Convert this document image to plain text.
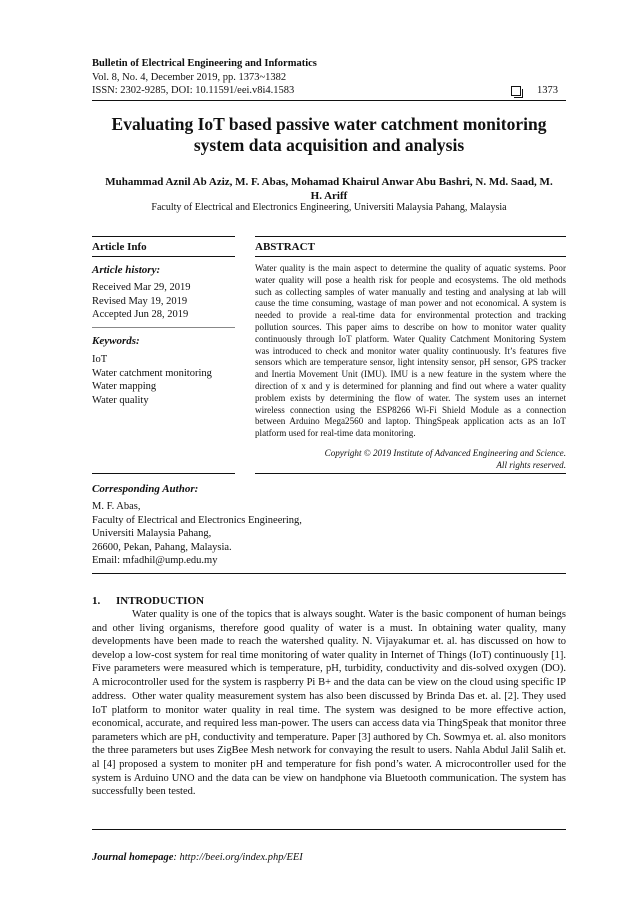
Bulletin of Electrical Engineering and Informatics
Vol. 8, No. 4, December 2019, pp. 1373~1382
ISSN: 2302-9285, DOI: 10.11591/eei.v8i4.1583	1373
Evaluating IoT based passive water catchment monitoring system data acquisition and analysis
Muhammad Aznil Ab Aziz, M. F. Abas, Mohamad Khairul Anwar Abu Bashri, N. Md. Saad, M. H. Ariff
Faculty of Electrical and Electronics Engineering, Universiti Malaysia Pahang, Malaysia
Article Info	ABSTRACT
Article history:
Received Mar 29, 2019
Revised May 19, 2019
Accepted Jun 28, 2019
Keywords:
IoT
Water catchment monitoring
Water mapping
Water quality
Water quality is the main aspect to determine the quality of aquatic systems. Poor water quality will pose a health risk for people and ecosystems. The old methods such as collecting samples of water manually and testing and analysing at lab will cause the time consuming, wastage of man power and not economical. A system is needed to provide a real-time data for environmental protection and tracking pollution sources. This paper aims to describe on how to monitor water quality continuously through IoT platform. Water Quality Catchment Monitoring System was introduced to check and monitor water quality continuously. It’s features five sensors which are temperature sensor, light intensity sensor, pH sensor, GPS tracker and Inertia Movement Unit (IMU). IMU is a new feature in the system where the direction of x and y is determined for planning and find out where a water quality problem exists by determining the flow of water. The system uses an internet wireless connection using the ESP8266 Wi-Fi Shield Module as a connection between Arduino Mega2560 and laptop. ThingSpeak application acts as an IoT platform used for real-time data monitoring.
Copyright © 2019 Institute of Advanced Engineering and Science.
All rights reserved.
Corresponding Author:
M. F. Abas,
Faculty of Electrical and Electronics Engineering,
Universiti Malaysia Pahang,
26600, Pekan, Pahang, Malaysia.
Email: mfadhil@ump.edu.my
1. INTRODUCTION
Water quality is one of the topics that is always sought. Water is the basic component of human beings and other living organisms, therefore good quality of water is a must. In obtaining water quality, many developments have been made to reach the watershed quality. N. Vijayakumar et. al. has discussed on how to develop a low-cost system for real time monitoring of water quality in Internet of Things (IoT) continuously [1]. Five parameters were measured which is temperature, pH, turbidity, conductivity and dis-solved oxygen (DO). A microcontroller used for the system is raspberry Pi B+ and the data can be view on the cloud using specific IP address. Other water quality measurement system has also been discussed by Brinda Das et. al. [2]. They used IoT platform to monitor water quality in real time. The system was designed to be more effective action, economical, accurate, and required less man-power. The users can access data via ThingSpeak that monitor three parameters which are pH, conductivity and temperature. Paper [3] authored by Ch. Sowmya et. al. also monitors the three parameters but uses ZigBee Mesh network for convaying the result to users. Nahla Abdul Jalil Salih et. al [4] proposed a system to moniter pH and temperature for fish pond’s water. A microcontroller used for the system is Arduino UNO and the data can be view on handphone via Bluetooth communication. The system has successfully been tested.
Journal homepage: http://beei.org/index.php/EEI
